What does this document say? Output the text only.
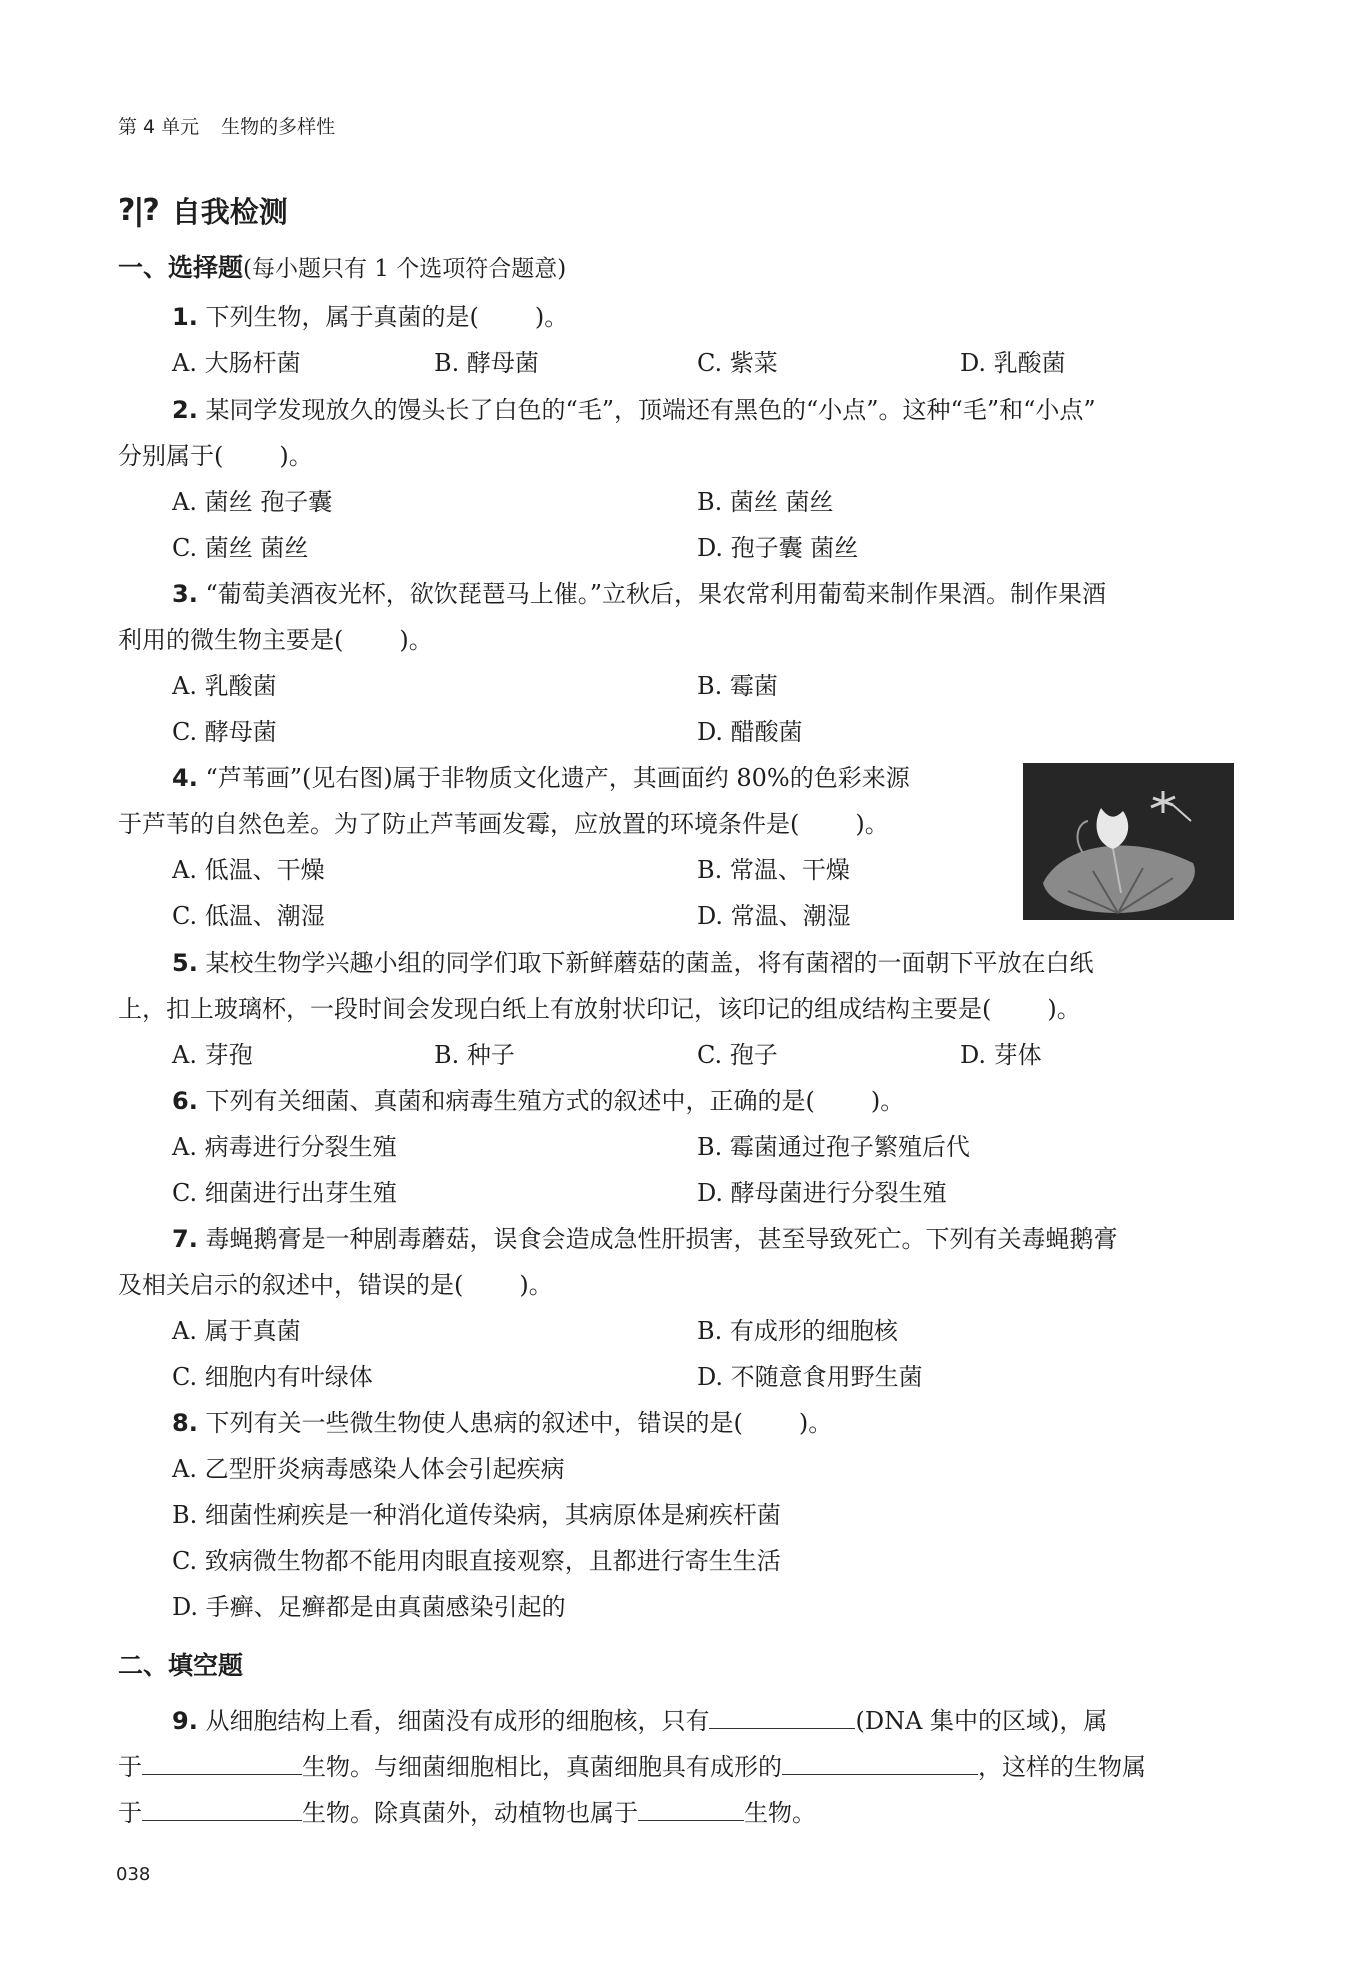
第 4 单元 生物的多样性
?|? 自我检测
一、选择题(每小题只有 1 个选项符合题意)
1. 下列生物，属于真菌的是( )。
A. 大肠杆菌	B. 酵母菌	C. 紫菜	D. 乳酸菌
2. 某同学发现放久的馒头长了白色的“毛”，顶端还有黑色的“小点”。这种“毛”和“小点”
分别属于( )。
A. 菌丝 孢子囊	B. 菌丝 菌丝
C. 菌丝 菌丝	D. 孢子囊 菌丝
3. “葡萄美酒夜光杯，欲饮琵琶马上催。”立秋后，果农常利用葡萄来制作果酒。制作果酒
利用的微生物主要是( )。
A. 乳酸菌	B. 霉菌
C. 酵母菌	D. 醋酸菌
4. “芦苇画”(见右图)属于非物质文化遗产，其画面约 80%的色彩来源
于芦苇的自然色差。为了防止芦苇画发霉，应放置的环境条件是( )。
A. 低温、干燥	B. 常温、干燥
C. 低温、潮湿	D. 常温、潮湿
5. 某校生物学兴趣小组的同学们取下新鲜蘑菇的菌盖，将有菌褶的一面朝下平放在白纸
上，扣上玻璃杯，一段时间会发现白纸上有放射状印记，该印记的组成结构主要是( )。
A. 芽孢	B. 种子	C. 孢子	D. 芽体
6. 下列有关细菌、真菌和病毒生殖方式的叙述中，正确的是( )。
A. 病毒进行分裂生殖	B. 霉菌通过孢子繁殖后代
C. 细菌进行出芽生殖	D. 酵母菌进行分裂生殖
7. 毒蝇鹅膏是一种剧毒蘑菇，误食会造成急性肝损害，甚至导致死亡。下列有关毒蝇鹅膏
及相关启示的叙述中，错误的是( )。
A. 属于真菌	B. 有成形的细胞核
C. 细胞内有叶绿体	D. 不随意食用野生菌
8. 下列有关一些微生物使人患病的叙述中，错误的是( )。
A. 乙型肝炎病毒感染人体会引起疾病
B. 细菌性痢疾是一种消化道传染病，其病原体是痢疾杆菌
C. 致病微生物都不能用肉眼直接观察，且都进行寄生生活
D. 手癣、足癣都是由真菌感染引起的
二、填空题
9. 从细胞结构上看，细菌没有成形的细胞核，只有	(DNA 集中的区域)，属
于	生物。与细菌细胞相比，真菌细胞具有成形的	，这样的生物属
于	生物。除真菌外，动植物也属于	生物。
038
